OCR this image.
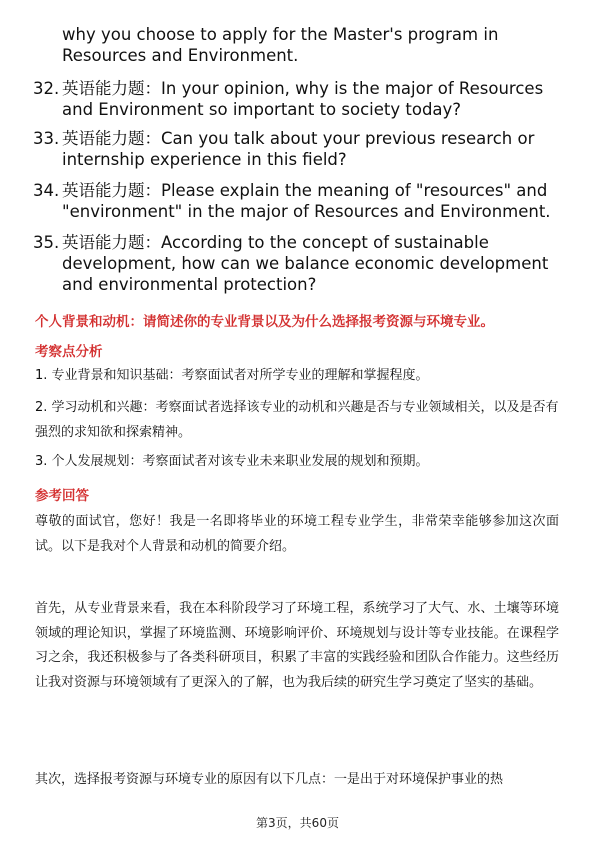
why you choose to apply for the Master's program in Resources and Environment.
32. 英语能力题：In your opinion, why is the major of Resources and Environment so important to society today?
33. 英语能力题：Can you talk about your previous research or internship experience in this field?
34. 英语能力题：Please explain the meaning of "resources" and "environment" in the major of Resources and Environment.
35. 英语能力题：According to the concept of sustainable development, how can we balance economic development and environmental protection?
个人背景和动机：请简述你的专业背景以及为什么选择报考资源与环境专业。
考察点分析
1. 专业背景和知识基础：考察面试者对所学专业的理解和掌握程度。
2. 学习动机和兴趣：考察面试者选择该专业的动机和兴趣是否与专业领域相关，以及是否有强烈的求知欲和探索精神。
3. 个人发展规划：考察面试者对该专业未来职业发展的规划和预期。
参考回答
尊敬的面试官，您好！我是一名即将毕业的环境工程专业学生，非常荣幸能够参加这次面试。以下是我对个人背景和动机的简要介绍。
首先，从专业背景来看，我在本科阶段学习了环境工程，系统学习了大气、水、土壤等环境领域的理论知识，掌握了环境监测、环境影响评价、环境规划与设计等专业技能。在课程学习之余，我还积极参与了各类科研项目，积累了丰富的实践经验和团队合作能力。这些经历让我对资源与环境领域有了更深入的了解，也为我后续的研究生学习奠定了坚实的基础。
其次，选择报考资源与环境专业的原因有以下几点：一是出于对环境保护事业的热
第3页，共60页
